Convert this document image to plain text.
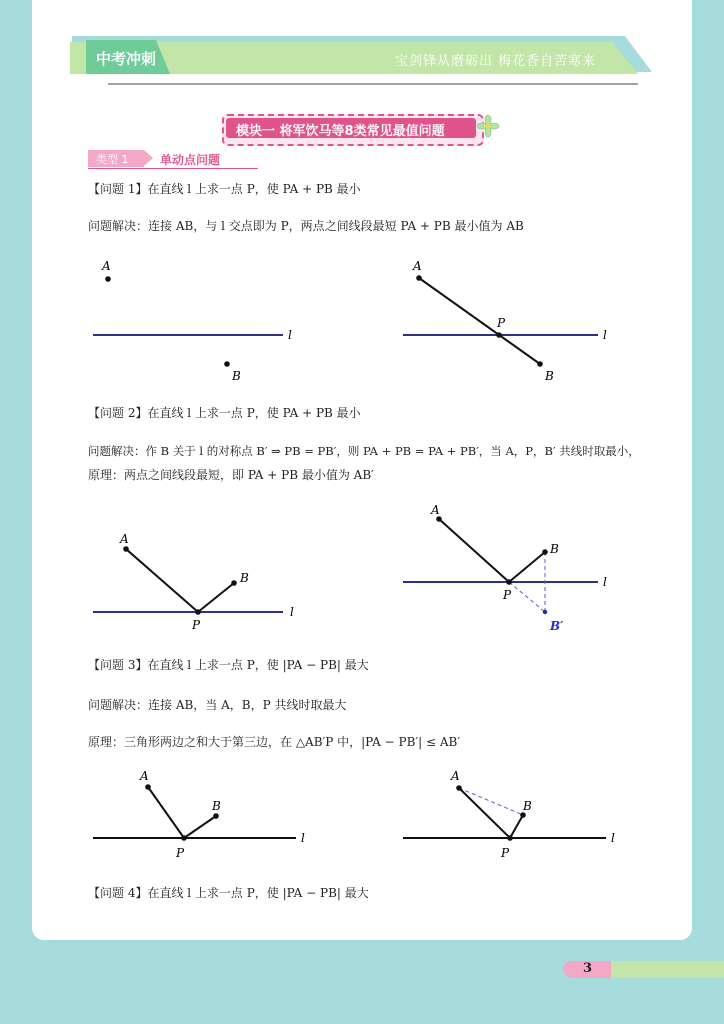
中考冲刺	宝剑锋从磨砺出 梅花香自苦寒来
模块一 将军饮马等8类常见最值问题
类型 1	单动点问题
【问题 1】在直线 l 上求一点 P，使 PA + PB 最小
问题解决：连接 AB，与 l 交点即为 P，两点之间线段最短 PA + PB 最小值为 AB
A
B
l
A
B
P
l
【问题 2】在直线 l 上求一点 P，使 PA + PB 最小
问题解决：作 B 关于 l 的对称点 B′ ⇒ PB = PB′，则 PA + PB = PA + PB′，当 A，P，B′ 共线时取最小，
原理：两点之间线段最短，即 PA + PB 最小值为 AB′
A
B
P
l
A
B
P
B′
l
【问题 3】在直线 l 上求一点 P，使 |PA − PB| 最大
问题解决：连接 AB，当 A，B，P 共线时取最大
原理：三角形两边之和大于第三边，在 △AB′P 中，|PA − PB′| ≤ AB′
A
B
P
l
A
B
P
l
【问题 4】在直线 l 上求一点 P，使 |PA − PB| 最大
3
